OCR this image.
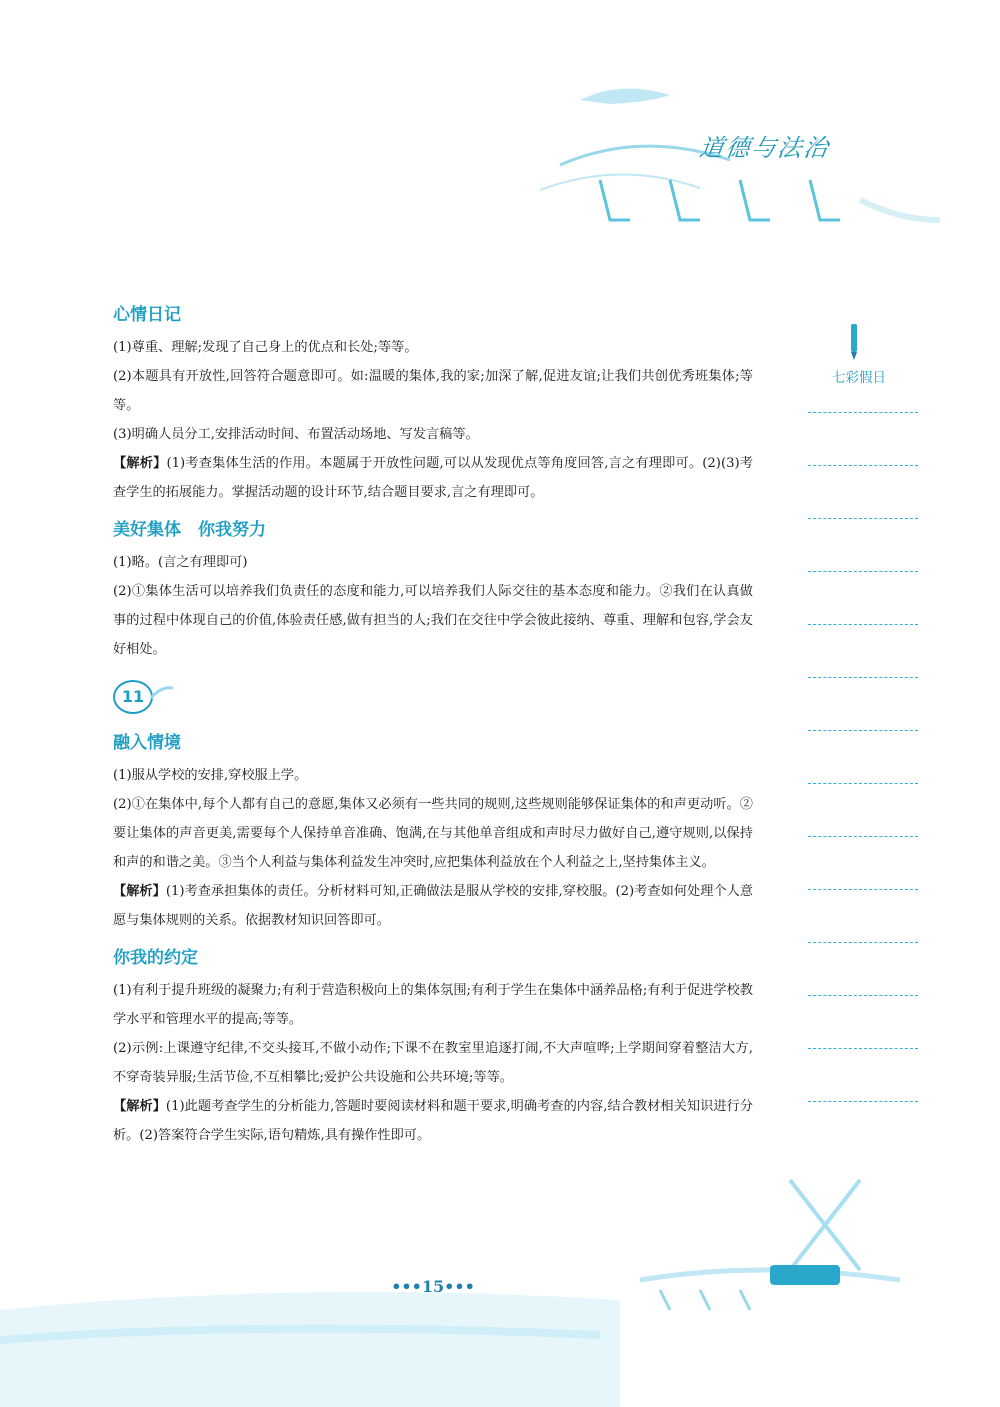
道德与法治
七彩假日
心情日记
(1)尊重、理解;发现了自己身上的优点和长处;等等。
(2)本题具有开放性,回答符合题意即可。如:温暖的集体,我的家;加深了解,促进友谊;让我们共创优秀班集体;等等。
(3)明确人员分工,安排活动时间、布置活动场地、写发言稿等。
【解析】(1)考查集体生活的作用。本题属于开放性问题,可以从发现优点等角度回答,言之有理即可。(2)(3)考查学生的拓展能力。掌握活动题的设计环节,结合题目要求,言之有理即可。
美好集体　你我努力
(1)略。(言之有理即可)
(2)①集体生活可以培养我们负责任的态度和能力,可以培养我们人际交往的基本态度和能力。②我们在认真做事的过程中体现自己的价值,体验责任感,做有担当的人;我们在交往中学会彼此接纳、尊重、理解和包容,学会友好相处。
11
融入情境
(1)服从学校的安排,穿校服上学。
(2)①在集体中,每个人都有自己的意愿,集体又必须有一些共同的规则,这些规则能够保证集体的和声更动听。②要让集体的声音更美,需要每个人保持单音准确、饱满,在与其他单音组成和声时尽力做好自己,遵守规则,以保持和声的和谐之美。③当个人利益与集体利益发生冲突时,应把集体利益放在个人利益之上,坚持集体主义。
【解析】(1)考查承担集体的责任。分析材料可知,正确做法是服从学校的安排,穿校服。(2)考查如何处理个人意愿与集体规则的关系。依据教材知识回答即可。
你我的约定
(1)有利于提升班级的凝聚力;有利于营造积极向上的集体氛围;有利于学生在集体中涵养品格;有利于促进学校教学水平和管理水平的提高;等等。
(2)示例:上课遵守纪律,不交头接耳,不做小动作;下课不在教室里追逐打闹,不大声喧哗;上学期间穿着整洁大方,不穿奇装异服;生活节俭,不互相攀比;爱护公共设施和公共环境;等等。
【解析】(1)此题考查学生的分析能力,答题时要阅读材料和题干要求,明确考查的内容,结合教材相关知识进行分析。(2)答案符合学生实际,语句精炼,具有操作性即可。
•••15•••
